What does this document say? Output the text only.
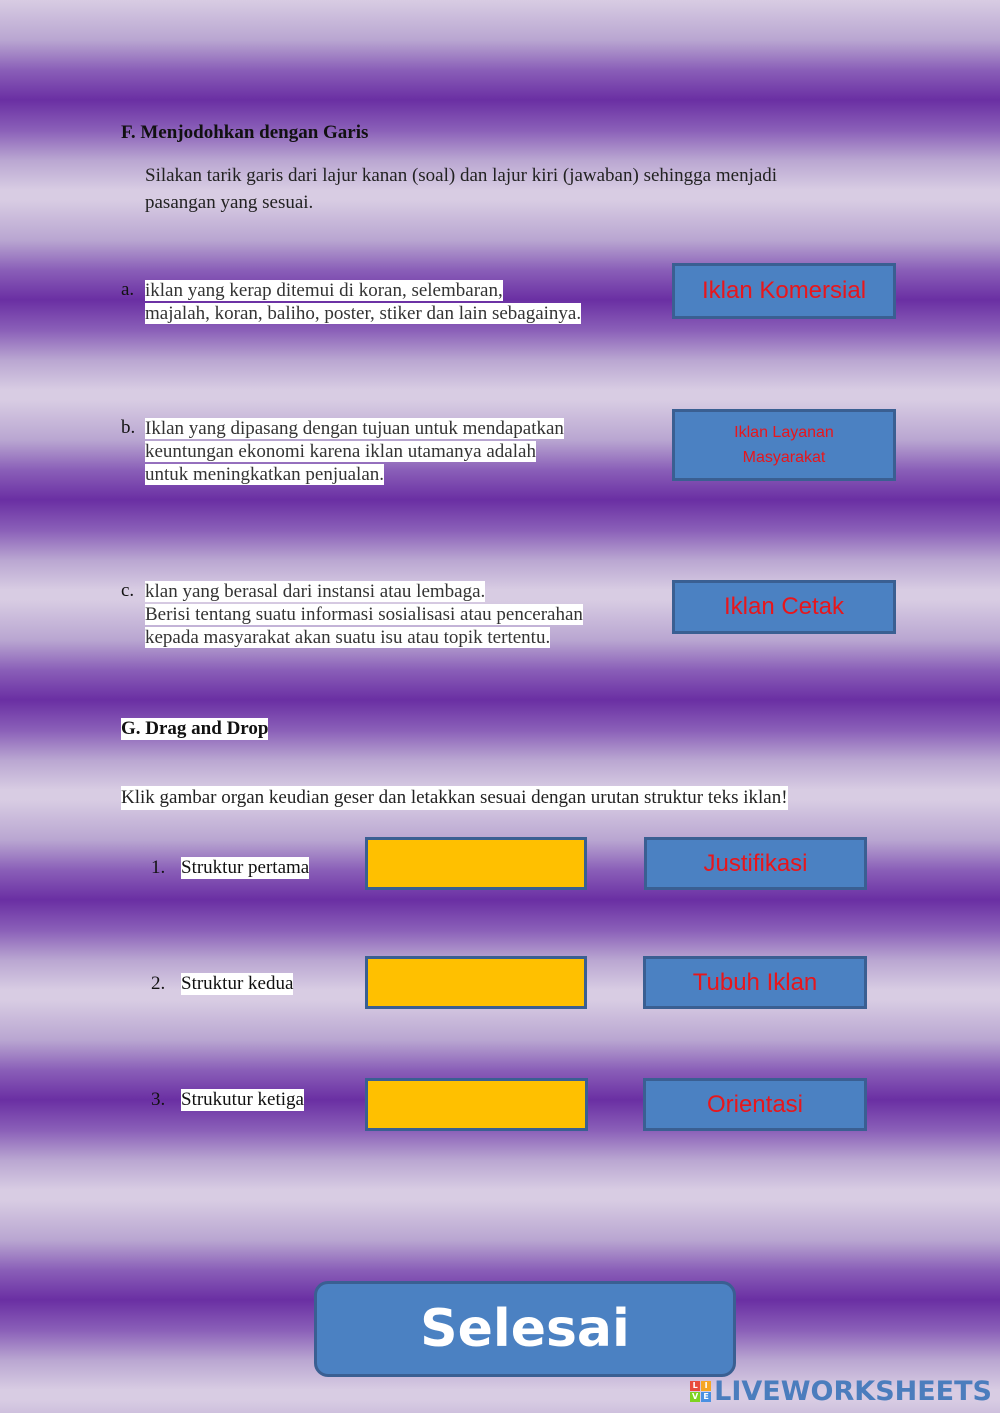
F. Menjodohkan dengan Garis
Silakan tarik garis dari lajur kanan (soal) dan lajur kiri (jawaban) sehingga menjadi
pasangan yang sesuai.
a. iklan yang kerap ditemui di koran, selembaran,
majalah, koran, baliho, poster, stiker dan lain sebagainya.
b. Iklan yang dipasang dengan tujuan untuk mendapatkan
keuntungan ekonomi karena iklan utamanya adalah
untuk meningkatkan penjualan.
c. klan yang berasal dari instansi atau lembaga.
Berisi tentang suatu informasi sosialisasi atau pencerahan
kepada masyarakat akan suatu isu atau topik tertentu.
Iklan Komersial
Iklan Layanan
Masyarakat
Iklan Cetak
G. Drag and Drop
Klik gambar organ keudian geser dan letakkan sesuai dengan urutan struktur teks iklan!
1. Struktur pertama	Justifikasi
2. Struktur kedua	Tubuh Iklan
3. Strukutur ketiga	Orientasi
Selesai
L I
V E LIVEWORKSHEETS
